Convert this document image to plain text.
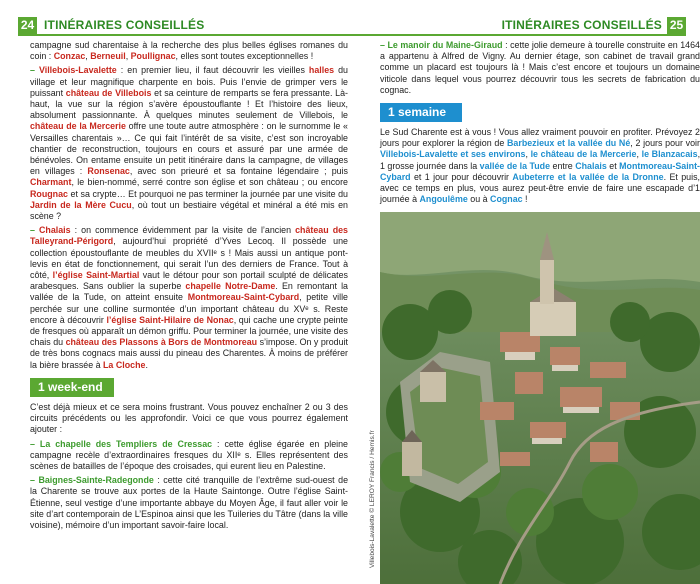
24 ITINÉRAIRES CONSEILLÉS

campagne sud charentaise à la recherche des plus belles églises romanes du coin : Conzac, Berneuil, Poullignac, elles sont toutes exceptionnelles !

– Villebois-Lavalette : en premier lieu, il faut découvrir les vieilles halles du village et leur magnifique charpente en bois. Puis l’envie de grimper vers le puissant château de Villebois et sa ceinture de remparts se fera pressante. Là-haut, la vue sur la région s’avère époustouflante ! Et l’histoire des lieux, absolument passionnante. À quelques minutes seulement de Villebois, le château de la Mercerie offre une toute autre atmosphère : on le surnomme le « Versailles charentais »… Ce qui fait l’intérêt de sa visite, c’est son incroyable chantier de reconstruction, toujours en cours et assuré par une armée de bénévoles. On entame ensuite un petit itinéraire dans la campagne, de villages en villages : Ronsenac, avec son prieuré et sa fontaine légendaire ; puis Charmant, le bien-nommé, serré contre son église et son château ; ou encore Rougnac et sa crypte… Et pourquoi ne pas terminer la journée par une visite du Jardin de la Mère Cucu, où tout un bestiaire végétal et minéral a été mis en scène ?

– Chalais : on commence évidemment par la visite de l’ancien château des Talleyrand-Périgord, aujourd’hui propriété d’Yves Lecoq. Il possède une collection époustouflante de meubles du XVIIᵉ s ! Mais aussi un antique pont-levis en état de fonctionnement, qui serait l’un des derniers de France. Tout à côté, l’église Saint-Martial vaut le détour pour son portail sculpté de délicates arabesques. Sans oublier la superbe chapelle Notre-Dame. En remontant la vallée de la Tude, on atteint ensuite Montmoreau-Saint-Cybard, petite ville perchée sur une colline surmontée d’un important château du XVᵉ s. Reste encore à découvrir l’église Saint-Hilaire de Nonac, qui cache une crypte peinte de fresques où apparaît un démon griffu. Pour terminer la journée, une visite des chais du château des Plassons à Bors de Montmoreau s’impose. On y produit de très bons cognacs mais aussi du pineau des Charentes. À moins de préférer la bière brassée à La Cloche.

1 week-end

C’est déjà mieux et ce sera moins frustrant. Vous pouvez enchaîner 2 ou 3 des circuits précédents ou les approfondir. Voici ce que vous pourrez également ajouter :

– La chapelle des Templiers de Cressac : cette église égarée en pleine campagne recèle d’extraordinaires fresques du XIIᵉ s. Elles représentent des scènes de batailles de l’époque des croisades, qui eurent lieu en Palestine.

– Baignes-Sainte-Radegonde : cette cité tranquille de l’extrême sud-ouest de la Charente se trouve aux portes de la Haute Saintonge. Outre l’église Saint-Étienne, seul vestige d’une importante abbaye du Moyen Âge, il faut aller voir le site d’art contemporain de L’Espinoa ainsi que les Tuileries du Tâtre (dans la ville voisine), mémoire d’un important savoir-faire local.

ITINÉRAIRES CONSEILLÉS 25

– Le manoir du Maine-Giraud : cette jolie demeure à tourelle construite en 1464 a appartenu à Alfred de Vigny. Au dernier étage, son cabinet de travail grand comme un placard est toujours là ! Mais c’est encore et toujours un domaine viticole dans lequel vous pourrez découvrir tous les secrets de fabrication du cognac.

1 semaine

Le Sud Charente est à vous ! Vous allez vraiment pouvoir en profiter. Prévoyez 2 jours pour explorer la région de Barbezieux et la vallée du Né, 2 jours pour voir Villebois-Lavalette et ses environs, le château de la Mercerie, le Blanzacais, 1 grosse journée dans la vallée de la Tude entre Chalais et Montmoreau-Saint-Cybard et 1 jour pour découvrir Aubeterre et la vallée de la Dronne. Et puis, avec ce temps en plus, vous aurez peut-être envie de faire une escapade d’1 journée à Angoulême ou à Cognac !

Villebois-Lavalette © LEROY Francis / Hemis.fr
